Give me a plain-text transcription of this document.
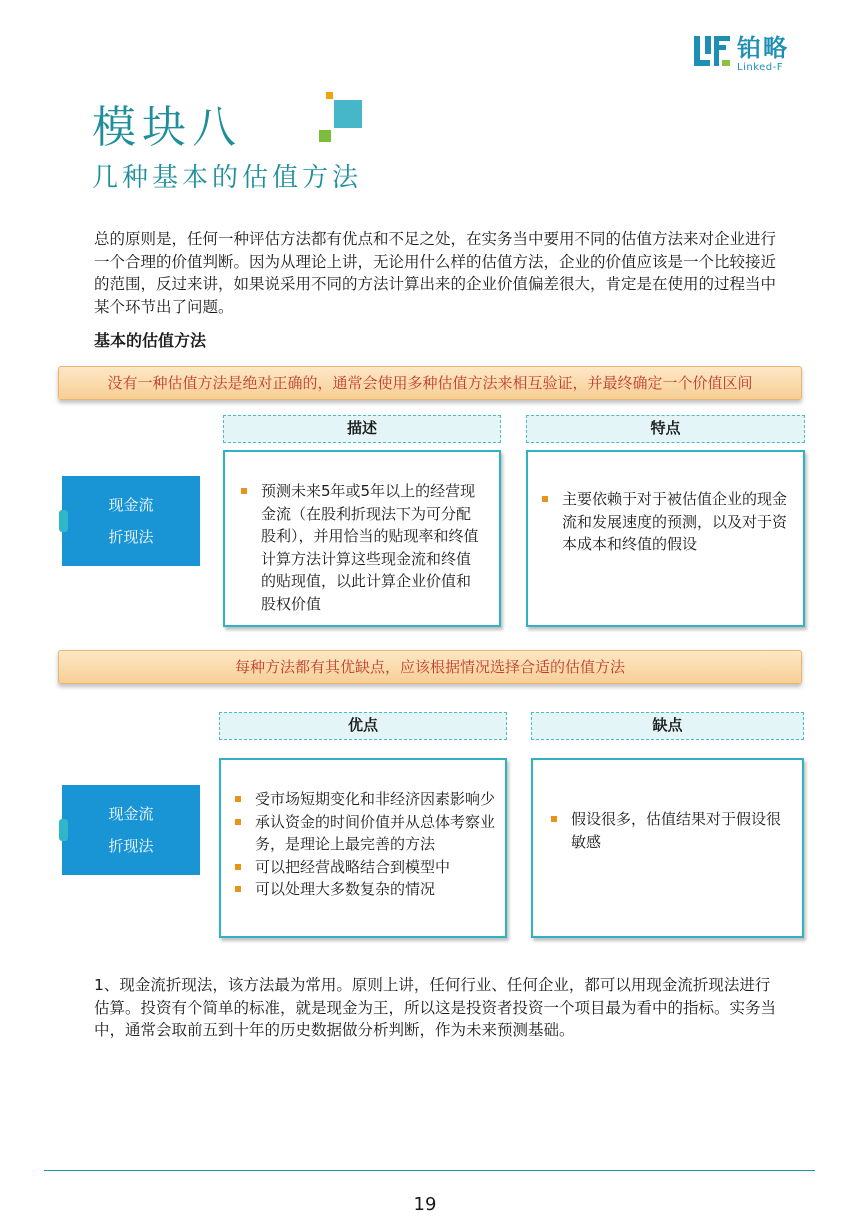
铂略
Linked-F
模块八
几种基本的估值方法
总的原则是，任何一种评估方法都有优点和不足之处，在实务当中要用不同的估值方法来对企业进行一个合理的价值判断。因为从理论上讲，无论用什么样的估值方法，企业的价值应该是一个比较接近的范围，反过来讲，如果说采用不同的方法计算出来的企业价值偏差很大，肯定是在使用的过程当中某个环节出了问题。
基本的估值方法
没有一种估值方法是绝对正确的，通常会使用多种估值方法来相互验证，并最终确定一个价值区间
描述	特点
现金流
折现法
预测未来5年或5年以上的经营现金流（在股利折现法下为可分配股利），并用恰当的贴现率和终值计算方法计算这些现金流和终值的贴现值，以此计算企业价值和股权价值
主要依赖于对于被估值企业的现金流和发展速度的预测，以及对于资本成本和终值的假设
每种方法都有其优缺点，应该根据情况选择合适的估值方法
优点	缺点
现金流
折现法
受市场短期变化和非经济因素影响少
承认资金的时间价值并从总体考察业务，是理论上最完善的方法
可以把经营战略结合到模型中
可以处理大多数复杂的情况
假设很多，估值结果对于假设很敏感
1、现金流折现法，该方法最为常用。原则上讲，任何行业、任何企业，都可以用现金流折现法进行估算。投资有个简单的标准，就是现金为王，所以这是投资者投资一个项目最为看中的指标。实务当中，通常会取前五到十年的历史数据做分析判断，作为未来预测基础。
19
